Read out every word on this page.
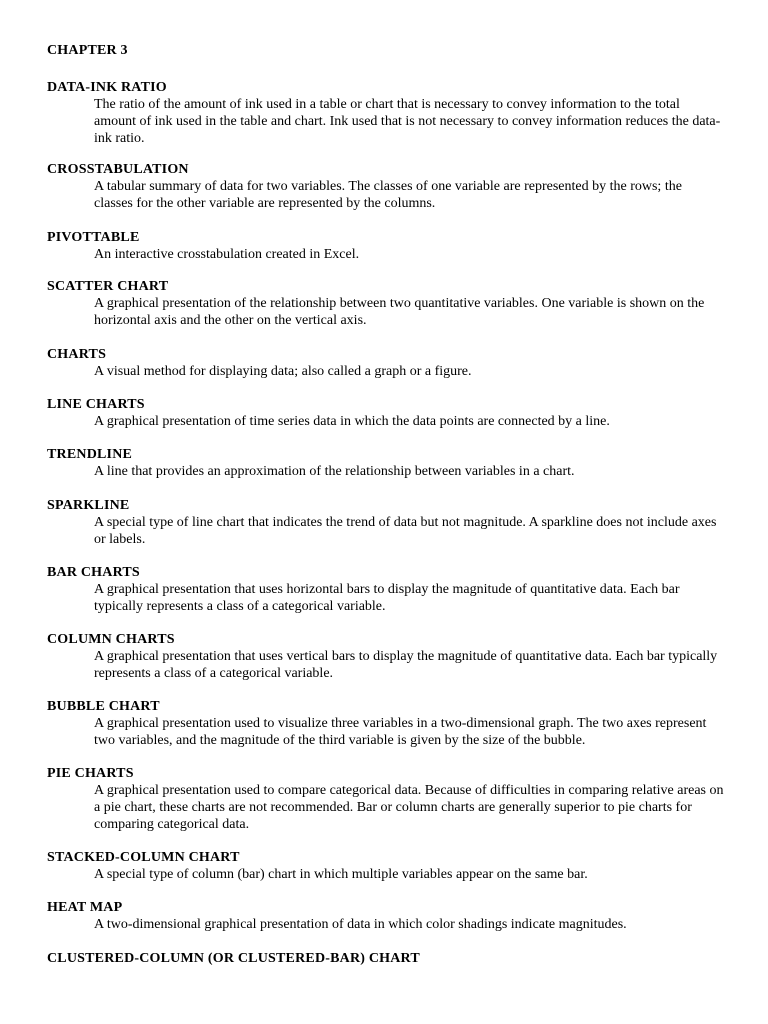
CHAPTER 3

DATA-INK RATIO

The ratio of the amount of ink used in a table or chart that is necessary to convey information to the total amount of ink used in the table and chart. Ink used that is not necessary to convey information reduces the data-ink ratio.

CROSSTABULATION

A tabular summary of data for two variables. The classes of one variable are represented by the rows; the classes for the other variable are represented by the columns.

PIVOTTABLE

An interactive crosstabulation created in Excel.

SCATTER CHART

A graphical presentation of the relationship between two quantitative variables. One variable is shown on the horizontal axis and the other on the vertical axis.

CHARTS

A visual method for displaying data; also called a graph or a figure.

LINE CHARTS

A graphical presentation of time series data in which the data points are connected by a line.

TRENDLINE

A line that provides an approximation of the relationship between variables in a chart.

SPARKLINE

A special type of line chart that indicates the trend of data but not magnitude. A sparkline does not include axes or labels.

BAR CHARTS

A graphical presentation that uses horizontal bars to display the magnitude of quantitative data. Each bar typically represents a class of a categorical variable.

COLUMN CHARTS

A graphical presentation that uses vertical bars to display the magnitude of quantitative data. Each bar typically represents a class of a categorical variable.

BUBBLE CHART

A graphical presentation used to visualize three variables in a two-dimensional graph. The two axes represent two variables, and the magnitude of the third variable is given by the size of the bubble.

PIE CHARTS

A graphical presentation used to compare categorical data. Because of difficulties in comparing relative areas on a pie chart, these charts are not recommended. Bar or column charts are generally superior to pie charts for comparing categorical data.

STACKED-COLUMN CHART

A special type of column (bar) chart in which multiple variables appear on the same bar.

HEAT MAP

A two-dimensional graphical presentation of data in which color shadings indicate magnitudes.

CLUSTERED-COLUMN (OR CLUSTERED-BAR) CHART
